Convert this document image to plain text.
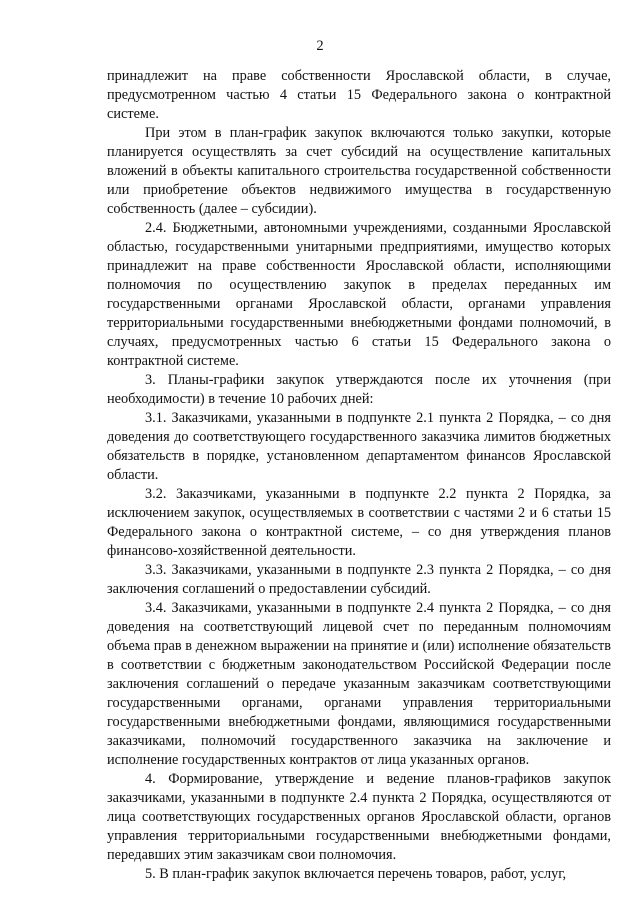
2

принадлежит на праве собственности Ярославской области, в случае, предусмотренном частью 4 статьи 15 Федерального закона о контрактной системе.

При этом в план-график закупок включаются только закупки, которые планируется осуществлять за счет субсидий на осуществление капитальных вложений в объекты капитального строительства государственной собственности или приобретение объектов недвижимого имущества в государственную собственность (далее – субсидии).

2.4. Бюджетными, автономными учреждениями, созданными Ярославской областью, государственными унитарными предприятиями, имущество которых принадлежит на праве собственности Ярославской области, исполняющими полномочия по осуществлению закупок в пределах переданных им государственными органами Ярославской области, органами управления территориальными государственными внебюджетными фондами полномочий, в случаях, предусмотренных частью 6 статьи 15 Федерального закона о контрактной системе.

3. Планы-графики закупок утверждаются после их уточнения (при необходимости) в течение 10 рабочих дней:

3.1. Заказчиками, указанными в подпункте 2.1 пункта 2 Порядка, – со дня доведения до соответствующего государственного заказчика лимитов бюджетных обязательств в порядке, установленном департаментом финансов Ярославской области.

3.2. Заказчиками, указанными в подпункте 2.2 пункта 2 Порядка, за исключением закупок, осуществляемых в соответствии с частями 2 и 6 статьи 15 Федерального закона о контрактной системе, – со дня утверждения планов финансово-хозяйственной деятельности.

3.3. Заказчиками, указанными в подпункте 2.3 пункта 2 Порядка, – со дня заключения соглашений о предоставлении субсидий.

3.4. Заказчиками, указанными в подпункте 2.4 пункта 2 Порядка, – со дня доведения на соответствующий лицевой счет по переданным полномочиям объема прав в денежном выражении на принятие и (или) исполнение обязательств в соответствии с бюджетным законодательством Российской Федерации после заключения соглашений о передаче указанным заказчикам соответствующими государственными органами, органами управления территориальными государственными внебюджетными фондами, являющимися государственными заказчиками, полномочий государственного заказчика на заключение и исполнение государственных контрактов от лица указанных органов.

4. Формирование, утверждение и ведение планов-графиков закупок заказчиками, указанными в подпункте 2.4 пункта 2 Порядка, осуществляются от лица соответствующих государственных органов Ярославской области, органов управления территориальными государственными внебюджетными фондами, передавших этим заказчикам свои полномочия.

5. В план-график закупок включается перечень товаров, работ, услуг,
